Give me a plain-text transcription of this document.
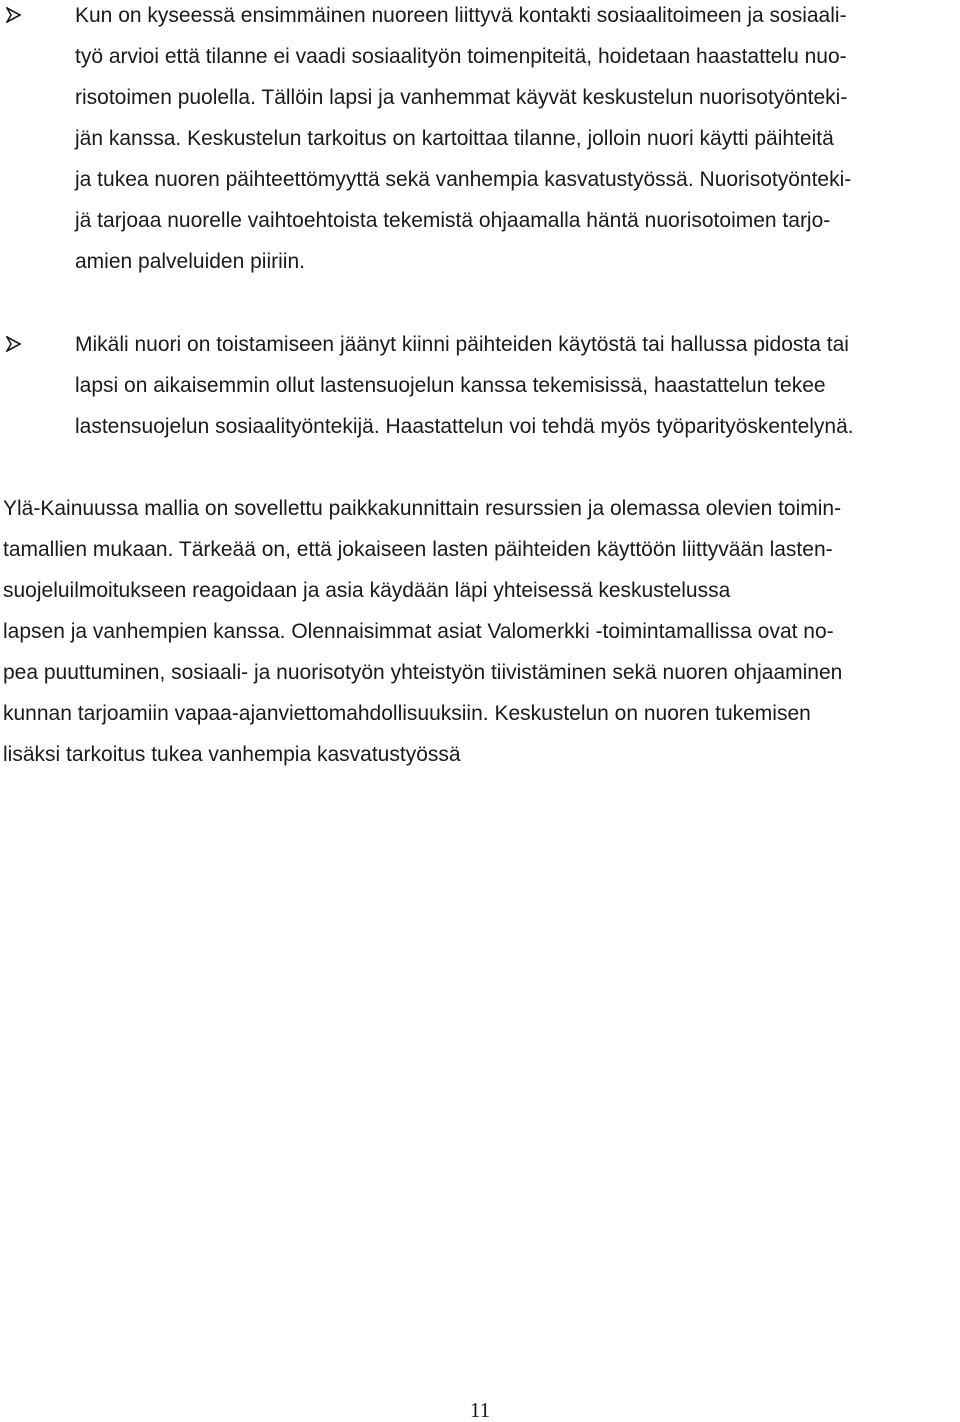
Kun on kyseessä ensimmäinen nuoreen liittyvä kontakti sosiaalitoimeen ja sosiaali-
työ arvioi että tilanne ei vaadi sosiaalityön toimenpiteitä, hoidetaan haastattelu nuo-
risotoimen puolella. Tällöin lapsi ja vanhemmat käyvät keskustelun nuorisotyönteki-
jän kanssa. Keskustelun tarkoitus on kartoittaa tilanne, jolloin nuori käytti päihteitä
ja tukea nuoren päihteettömyyttä sekä vanhempia kasvatustyössä. Nuorisotyönteki-
jä tarjoaa nuorelle vaihtoehtoista tekemistä ohjaamalla häntä nuorisotoimen tarjo-
amien palveluiden piiriin.
Mikäli nuori on toistamiseen jäänyt kiinni päihteiden käytöstä tai hallussa pidosta tai
lapsi on aikaisemmin ollut lastensuojelun kanssa tekemisissä, haastattelun tekee
lastensuojelun sosiaalityöntekijä. Haastattelun voi tehdä myös työparityöskentelynä.
Ylä-Kainuussa mallia on sovellettu paikkakunnittain resurssien ja olemassa olevien toimin-
tamallien mukaan. Tärkeää on, että jokaiseen lasten päihteiden käyttöön liittyvään lasten-
suojeluilmoitukseen reagoidaan ja asia käydään läpi yhteisessä keskustelussa
lapsen ja vanhempien kanssa. Olennaisimmat asiat Valomerkki -toimintamallissa ovat no-
pea puuttuminen, sosiaali- ja nuorisotyön yhteistyön tiivistäminen sekä nuoren ohjaaminen
kunnan tarjoamiin vapaa-ajanviettomahdollisuuksiin. Keskustelun on nuoren tukemisen
lisäksi tarkoitus tukea vanhempia kasvatustyössä
11
